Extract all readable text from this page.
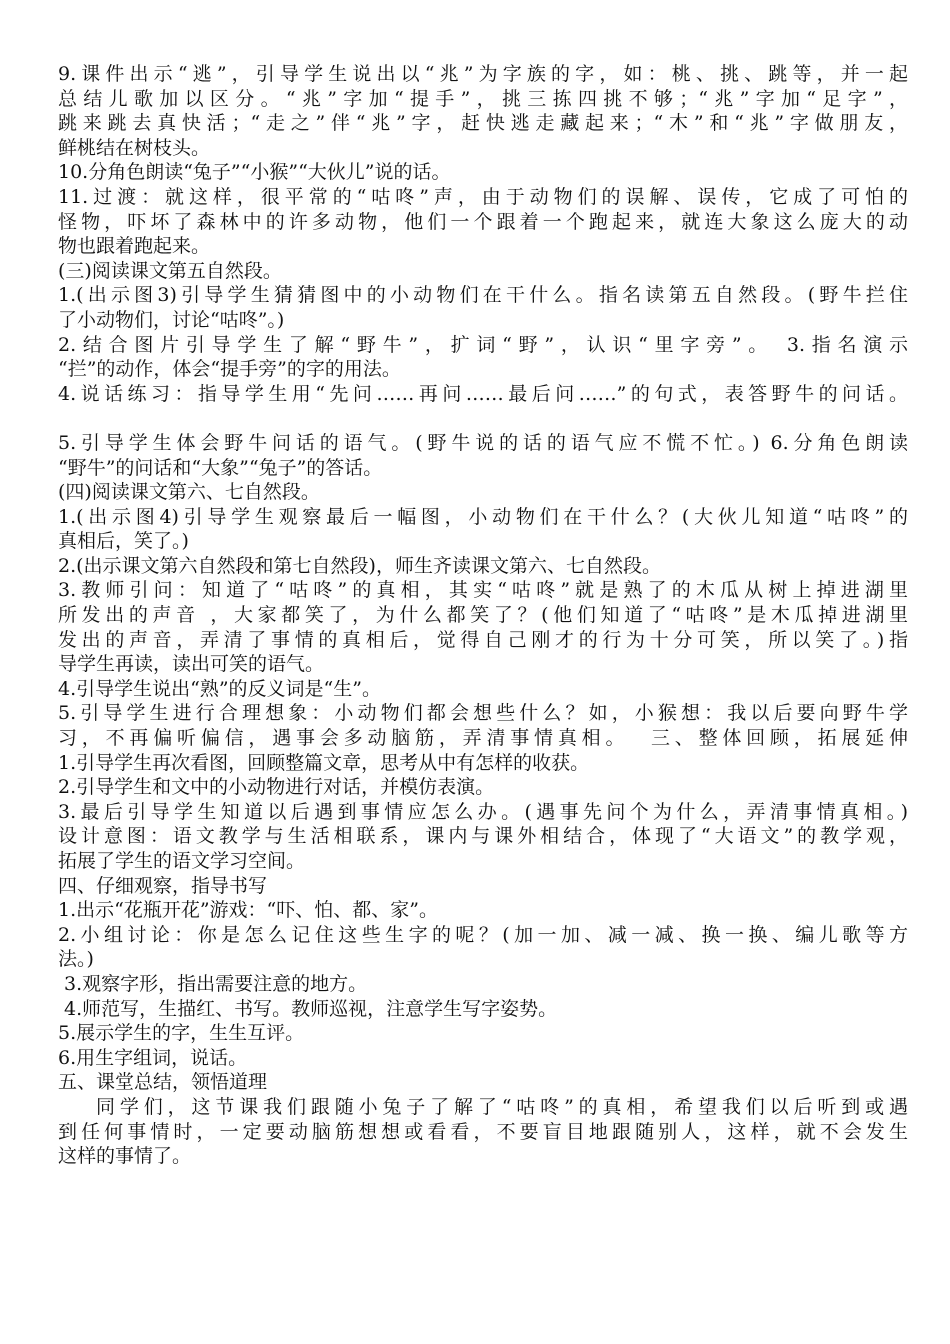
9.课件出示“逃”，引导学生说出以“兆”为字族的字，如：桃、挑、跳等，并一起
总结儿歌加以区分。“兆”字加“提手”，挑三拣四挑不够；“兆”字加“足字”，
跳来跳去真快活；“走之”伴“兆”字，赶快逃走藏起来；“木”和“兆”字做朋友，
鲜桃结在树枝头。
10.分角色朗读“兔子”“小猴”“大伙儿”说的话。
11.过渡：就这样，很平常的“咕咚”声，由于动物们的误解、误传，它成了可怕的
怪物，吓坏了森林中的许多动物，他们一个跟着一个跑起来，就连大象这么庞大的动
物也跟着跑起来。
(三)阅读课文第五自然段。
1.(出示图3)引导学生猜猜图中的小动物们在干什么。指名读第五自然段。(野牛拦住
了小动物们，讨论“咕咚”。)
2.结合图片引导学生了解“野牛”，扩词“野”，认识“里字旁”。 3.指名演示
“拦”的动作，体会“提手旁”的字的用法。
4.说话练习：指导学生用“先问……再问……最后问……”的句式，表答野牛的问话。
5.引导学生体会野牛问话的语气。(野牛说的话的语气应不慌不忙。) 6.分角色朗读
“野牛”的问话和“大象”“兔子”的答话。
(四)阅读课文第六、七自然段。
1.(出示图4)引导学生观察最后一幅图，小动物们在干什么？(大伙儿知道“咕咚”的
真相后，笑了。)
2.(出示课文第六自然段和第七自然段)，师生齐读课文第六、七自然段。
3.教师引问：知道了“咕咚”的真相，其实“咕咚”就是熟了的木瓜从树上掉进湖里
所发出的声音 ，大家都笑了，为什么都笑了？(他们知道了“咕咚”是木瓜掉进湖里
发出的声音，弄清了事情的真相后，觉得自己刚才的行为十分可笑，所以笑了。)指
导学生再读，读出可笑的语气。
4.引导学生说出“熟”的反义词是“生”。
5.引导学生进行合理想象：小动物们都会想些什么？如，小猴想：我以后要向野牛学
习，不再偏听偏信，遇事会多动脑筋，弄清事情真相。  三、整体回顾，拓展延伸
1.引导学生再次看图，回顾整篇文章，思考从中有怎样的收获。
2.引导学生和文中的小动物进行对话，并模仿表演。
3.最后引导学生知道以后遇到事情应怎么办。(遇事先问个为什么，弄清事情真相。)
设计意图：语文教学与生活相联系，课内与课外相结合，体现了“大语文”的教学观，
拓展了学生的语文学习空间。
四、仔细观察，指导书写
1.出示“花瓶开花”游戏：“吓、怕、都、家”。
2.小组讨论：你是怎么记住这些生字的呢？(加一加、减一减、换一换、编儿歌等方
法。)
3.观察字形，指出需要注意的地方。
4.师范写，生描红、书写。教师巡视，注意学生写字姿势。
5.展示学生的字，生生互评。
6.用生字组词，说话。
五、课堂总结，领悟道理
同学们，这节课我们跟随小兔子了解了“咕咚”的真相，希望我们以后听到或遇
到任何事情时，一定要动脑筋想想或看看，不要盲目地跟随别人，这样，就不会发生
这样的事情了。
